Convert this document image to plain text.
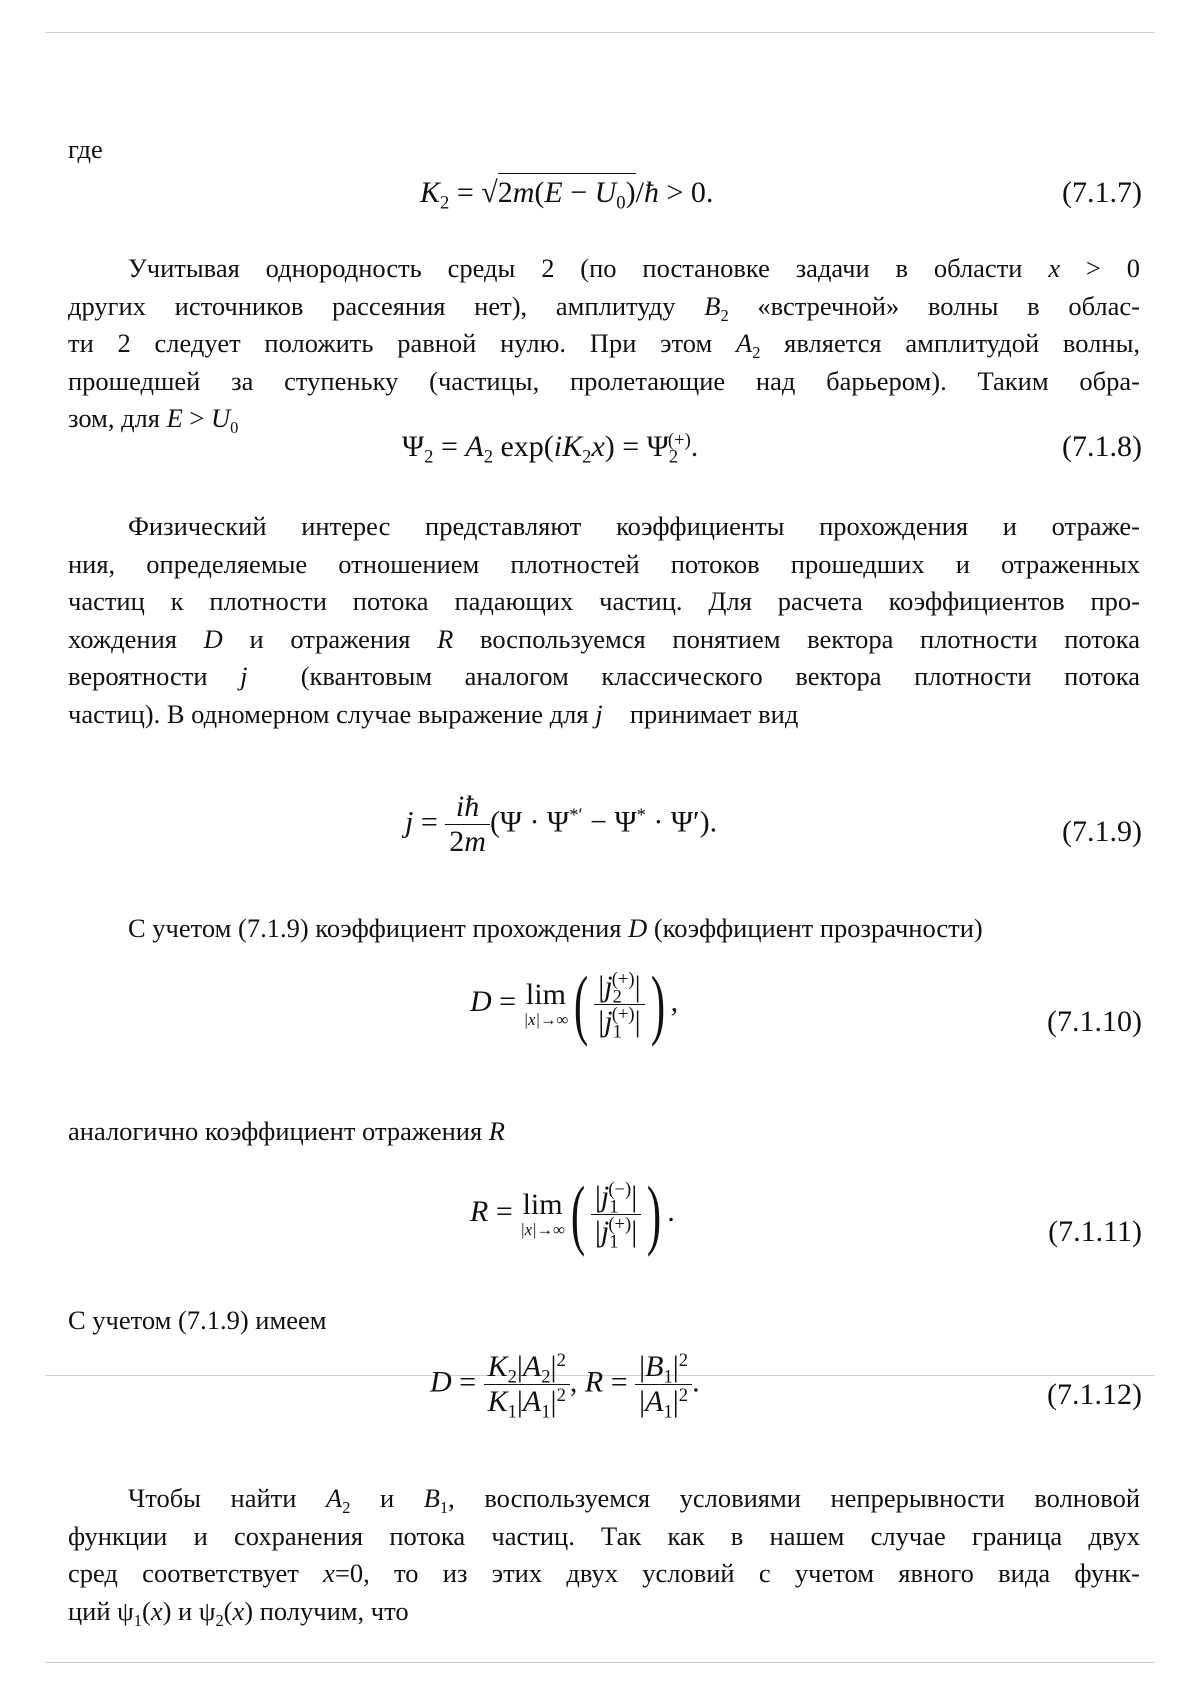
где
$K_2 = √2m(E$ − $U_0)/ħ > 0$.	(7.1.7)
Учитывая однородность среды 2 (по постановке задачи в области x > 0
других источников рассеяния нет), амплитуду $B_2$ «встречной» волны в облас-
ти 2 следует положить равной нулю. При этом $A_2$ является амплитудой волны,
прошедшей за ступеньку (частицы, пролетающие над барьером). Таким обра-
зом, для $E > U_0$
$\Psi_2 = A_2$ $\exp(iK_2x) = \Psi_2^{(+)}$.	(7.1.8)
Физический интерес представляют коэффициенты прохождения и отраже-
ния, определяемые отношением плотностей потоков прошедших и отраженных
частиц к плотности потока падающих частиц. Для расчета коэффициентов про-
хождения D и отражения R воспользуемся понятием вектора плотности потока
вероятности j⃗ (квантовым аналогом классического вектора плотности потока
частиц). В одномерном случае выражение для j⃗ принимает вид
$j = \frac{iħ}{2m} (\Psi \cdot \Psi^{*'} - \Psi^* \cdot \Psi')$.	(7.1.9)
С учетом (7.1.9) коэффициент прохождения D (коэффициент прозрачности)
D = lim
|x|→∞ ( $\frac{|j_2^{(+)}|}{|j_1^{(+)}|}$ ) ,
(7.1.10)
аналогично коэффициент отражения R
R = lim
|x|→∞ ( $\frac{|j_1^{(-)}|}{|j_1^{(+)}|}$ ) .
(7.1.11)
С учетом (7.1.9) имеем
$D = \frac{K_2|A_2|^2}{K_1|A_1|^2}$ , $R = \frac{|B_1|^2}{|A_1|^2}$ .	(7.1.12)
Чтобы найти $A_2$ и $B_1$, воспользуемся условиями непрерывности волновой
функции и сохранения потока частиц. Так как в нашем случае граница двух
сред соответствует x=0, то из этих двух условий с учетом явного вида функ-
ций $\psi_1(x)$ и $\psi_2(x)$ получим, что
